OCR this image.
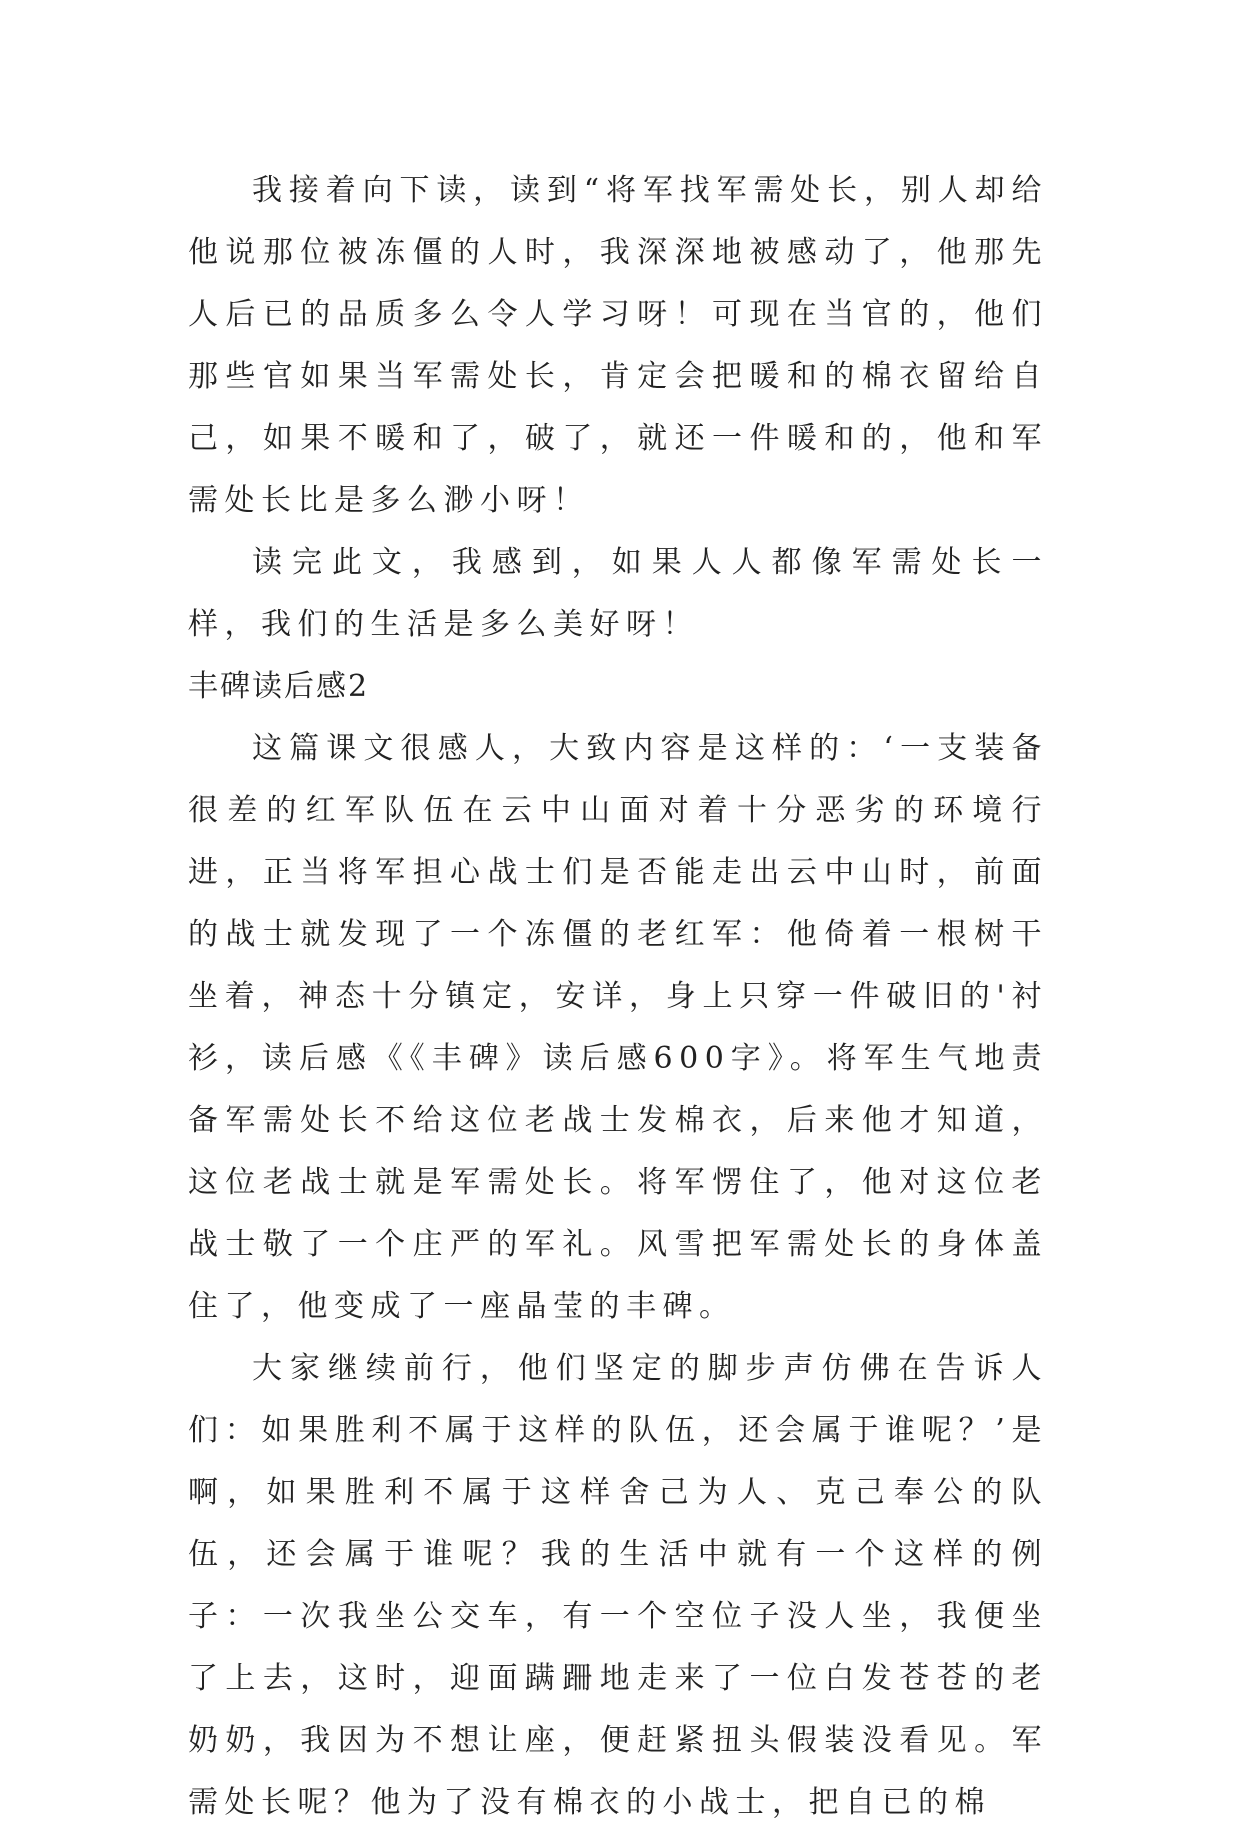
我接着向下读，读到“将军找军需处长，别人却给他说那位被冻僵的人时，我深深地被感动了，他那先人后已的品质多么令人学习呀！可现在当官的，他们那些官如果当军需处长，肯定会把暖和的棉衣留给自己，如果不暖和了，破了，就还一件暖和的，他和军需处长比是多么渺小呀！

读完此文，我感到，如果人人都像军需处长一样，我们的生活是多么美好呀！

丰碑读后感2

这篇课文很感人，大致内容是这样的：‘一支装备很差的红军队伍在云中山面对着十分恶劣的环境行进，正当将军担心战士们是否能走出云中山时，前面的战士就发现了一个冻僵的老红军：他倚着一根树干坐着，神态十分镇定，安详，身上只穿一件破旧的'衬衫，读后感《《丰碑》读后感600字》。将军生气地责备军需处长不给这位老战士发棉衣，后来他才知道，这位老战士就是军需处长。将军愣住了，他对这位老战士敬了一个庄严的军礼。风雪把军需处长的身体盖住了，他变成了一座晶莹的丰碑。

大家继续前行，他们坚定的脚步声仿佛在告诉人们：如果胜利不属于这样的队伍，还会属于谁呢？’是啊，如果胜利不属于这样舍己为人、克己奉公的队伍，还会属于谁呢？我的生活中就有一个这样的例子：一次我坐公交车，有一个空位子没人坐，我便坐了上去，这时，迎面蹒跚地走来了一位白发苍苍的老奶奶，我因为不想让座，便赶紧扭头假装没看见。军需处长呢？他为了没有棉衣的小战士，把自已的棉
